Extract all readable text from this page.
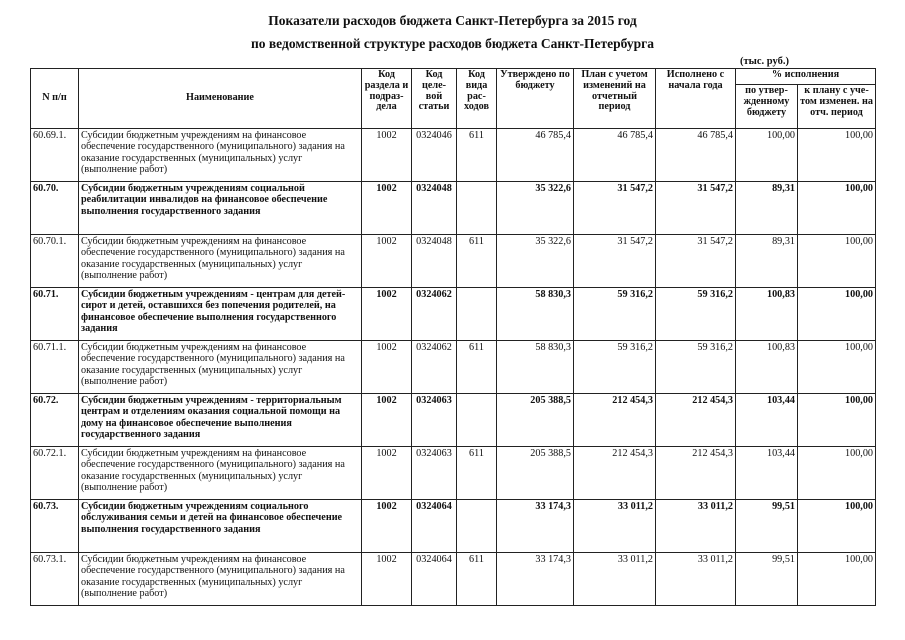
Показатели расходов бюджета Санкт-Петербурга за 2015 год
по ведомственной структуре расходов бюджета Санкт-Петербурга
(тыс. руб.)
N п/п	Наименование	Код раздела и подраз-дела	Код целе-вой статьи	Код вида рас-ходов	Утверждено по бюджету	План с учетом изменений на отчетный период	Исполнено с начала года	% исполнения	
								по утвер-жденному бюджету	к плану с уче-том изменен. на отч. период
60.69.1.	Субсидии бюджетным учреждениям на финансовое обеспечение государственного (муниципального) задания на оказание государственных (муниципальных) услуг (выполнение работ)	1002	0324046	611	46 785,4	46 785,4	46 785,4	100,00	100,00
60.70.	Субсидии бюджетным учреждениям социальной реабилитации инвалидов на финансовое обеспечение выполнения государственного задания	1002	0324048		35 322,6	31 547,2	31 547,2	89,31	100,00
60.70.1.	Субсидии бюджетным учреждениям на финансовое обеспечение государственного (муниципального) задания на оказание государственных (муниципальных) услуг (выполнение работ)	1002	0324048	611	35 322,6	31 547,2	31 547,2	89,31	100,00
60.71.	Субсидии бюджетным учреждениям - центрам для детей-сирот и детей, оставшихся без попечения родителей, на финансовое обеспечение выполнения государственного задания	1002	0324062		58 830,3	59 316,2	59 316,2	100,83	100,00
60.71.1.	Субсидии бюджетным учреждениям на финансовое обеспечение государственного (муниципального) задания на оказание государственных (муниципальных) услуг (выполнение работ)	1002	0324062	611	58 830,3	59 316,2	59 316,2	100,83	100,00
60.72.	Субсидии бюджетным учреждениям - территориальным центрам и отделениям оказания социальной помощи на дому на финансовое обеспечение выполнения государственного задания	1002	0324063		205 388,5	212 454,3	212 454,3	103,44	100,00
60.72.1.	Субсидии бюджетным учреждениям на финансовое обеспечение государственного (муниципального) задания на оказание государственных (муниципальных) услуг (выполнение работ)	1002	0324063	611	205 388,5	212 454,3	212 454,3	103,44	100,00
60.73.	Субсидии бюджетным учреждениям социального обслуживания семьи и детей на финансовое обеспечение выполнения государственного задания	1002	0324064		33 174,3	33 011,2	33 011,2	99,51	100,00
60.73.1.	Субсидии бюджетным учреждениям на финансовое обеспечение государственного (муниципального) задания на оказание государственных (муниципальных) услуг (выполнение работ)	1002	0324064	611	33 174,3	33 011,2	33 011,2	99,51	100,00
